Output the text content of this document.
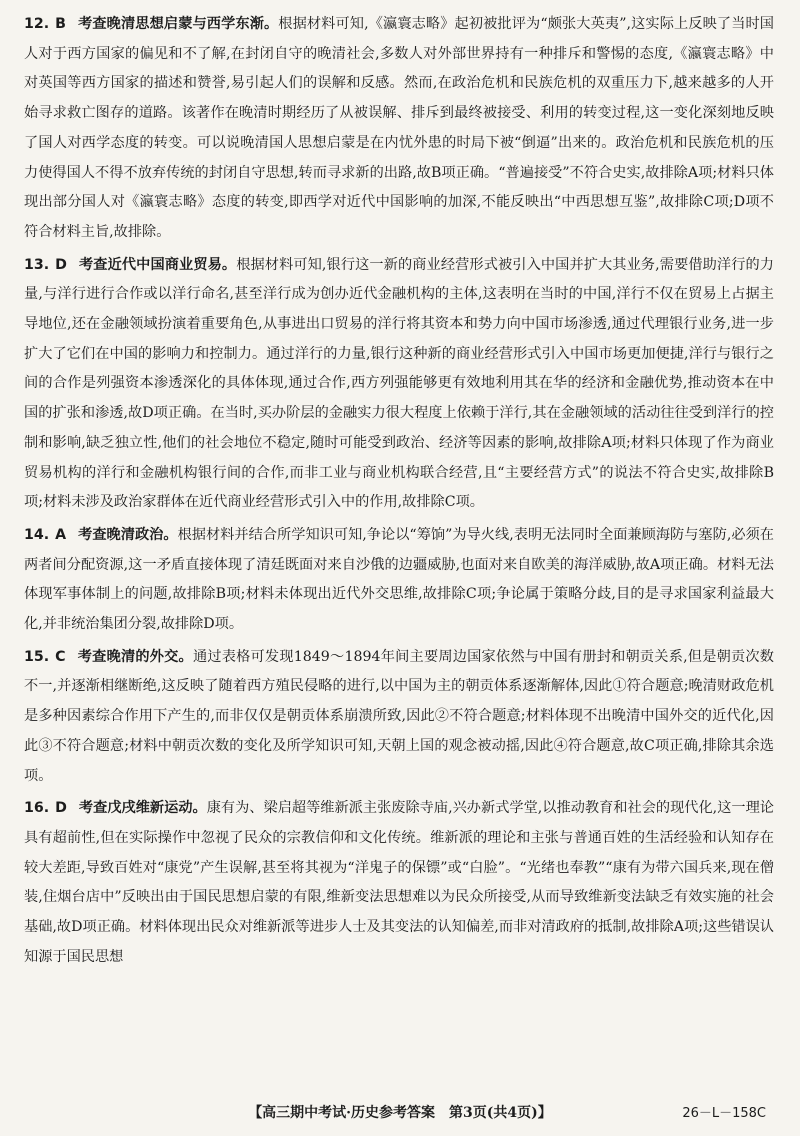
12. B 考查晚清思想启蒙与西学东渐。根据材料可知,《瀛寰志略》起初被批评为“颇张大英夷”,这实际上反映了当时国人对于西方国家的偏见和不了解,在封闭自守的晚清社会,多数人对外部世界持有一种排斥和警惕的态度,《瀛寰志略》中对英国等西方国家的描述和赞誉,易引起人们的误解和反感。然而,在政治危机和民族危机的双重压力下,越来越多的人开始寻求救亡图存的道路。该著作在晚清时期经历了从被误解、排斥到最终被接受、利用的转变过程,这一变化深刻地反映了国人对西学态度的转变。可以说晚清国人思想启蒙是在内忧外患的时局下被“倒逼”出来的。政治危机和民族危机的压力使得国人不得不放弃传统的封闭自守思想,转而寻求新的出路,故B项正确。“普遍接受”不符合史实,故排除A项;材料只体现出部分国人对《瀛寰志略》态度的转变,即西学对近代中国影响的加深,不能反映出“中西思想互鉴”,故排除C项;D项不符合材料主旨,故排除。

13. D 考查近代中国商业贸易。根据材料可知,银行这一新的商业经营形式被引入中国并扩大其业务,需要借助洋行的力量,与洋行进行合作或以洋行命名,甚至洋行成为创办近代金融机构的主体,这表明在当时的中国,洋行不仅在贸易上占据主导地位,还在金融领域扮演着重要角色,从事进出口贸易的洋行将其资本和势力向中国市场渗透,通过代理银行业务,进一步扩大了它们在中国的影响力和控制力。通过洋行的力量,银行这种新的商业经营形式引入中国市场更加便捷,洋行与银行之间的合作是列强资本渗透深化的具体体现,通过合作,西方列强能够更有效地利用其在华的经济和金融优势,推动资本在中国的扩张和渗透,故D项正确。在当时,买办阶层的金融实力很大程度上依赖于洋行,其在金融领域的活动往往受到洋行的控制和影响,缺乏独立性,他们的社会地位不稳定,随时可能受到政治、经济等因素的影响,故排除A项;材料只体现了作为商业贸易机构的洋行和金融机构银行间的合作,而非工业与商业机构联合经营,且“主要经营方式”的说法不符合史实,故排除B项;材料未涉及政治家群体在近代商业经营形式引入中的作用,故排除C项。

14. A 考查晚清政治。根据材料并结合所学知识可知,争论以“筹饷”为导火线,表明无法同时全面兼顾海防与塞防,必须在两者间分配资源,这一矛盾直接体现了清廷既面对来自沙俄的边疆威胁,也面对来自欧美的海洋威胁,故A项正确。材料无法体现军事体制上的问题,故排除B项;材料未体现出近代外交思维,故排除C项;争论属于策略分歧,目的是寻求国家利益最大化,并非统治集团分裂,故排除D项。

15. C 考查晚清的外交。通过表格可发现1849～1894年间主要周边国家依然与中国有册封和朝贡关系,但是朝贡次数不一,并逐渐相继断绝,这反映了随着西方殖民侵略的进行,以中国为主的朝贡体系逐渐解体,因此①符合题意;晚清财政危机是多种因素综合作用下产生的,而非仅仅是朝贡体系崩溃所致,因此②不符合题意;材料体现不出晚清中国外交的近代化,因此③不符合题意;材料中朝贡次数的变化及所学知识可知,天朝上国的观念被动摇,因此④符合题意,故C项正确,排除其余选项。

16. D 考查戊戌维新运动。康有为、梁启超等维新派主张废除寺庙,兴办新式学堂,以推动教育和社会的现代化,这一理论具有超前性,但在实际操作中忽视了民众的宗教信仰和文化传统。维新派的理论和主张与普通百姓的生活经验和认知存在较大差距,导致百姓对“康党”产生误解,甚至将其视为“洋鬼子的保镖”或“白脸”。“光绪也奉教”“康有为带六国兵来,现在僧装,住烟台店中”反映出由于国民思想启蒙的有限,维新变法思想难以为民众所接受,从而导致维新变法缺乏有效实施的社会基础,故D项正确。材料体现出民众对维新派等进步人士及其变法的认知偏差,而非对清政府的抵制,故排除A项;这些错误认知源于国民思想

【高三期中考试·历史参考答案　第3页(共4页)】	26－L－158C
